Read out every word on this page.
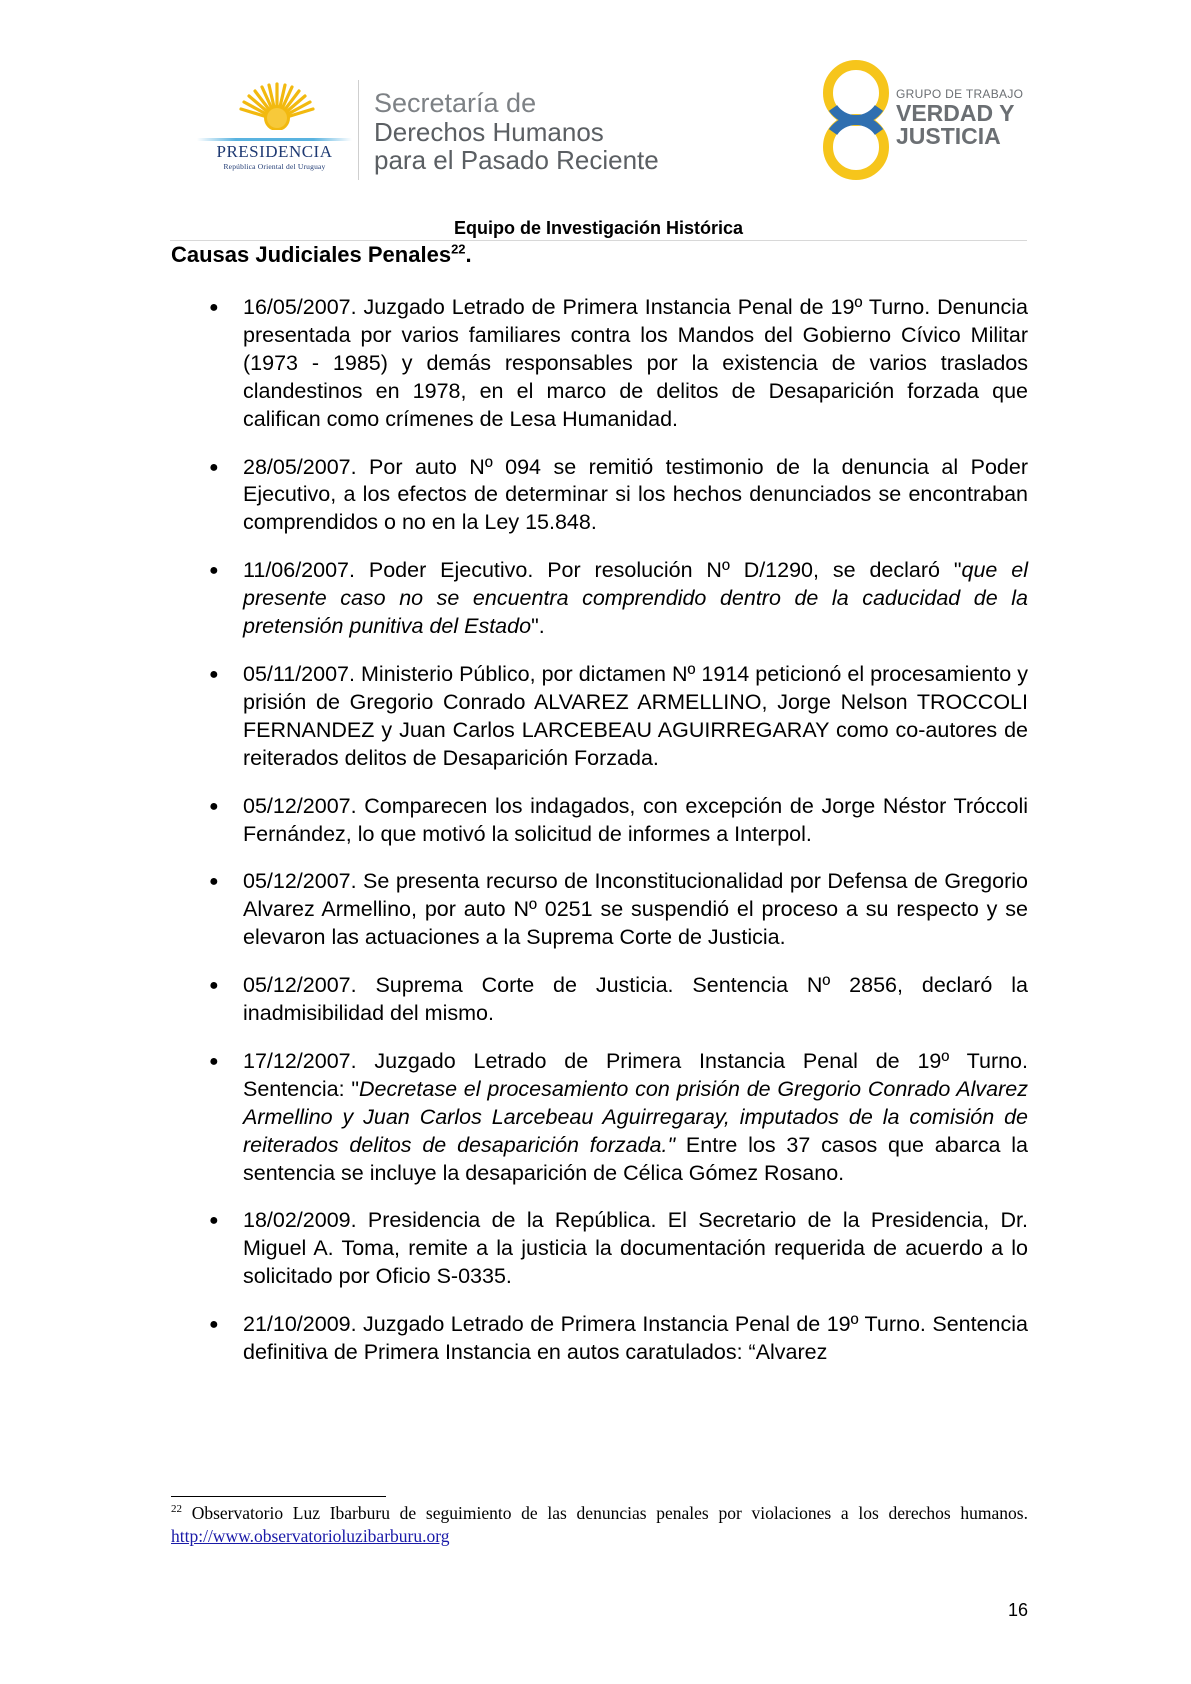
PRESIDENCIA
República Oriental del Uruguay
Secretaría de
Derechos Humanos
para el Pasado Reciente
GRUPO DE TRABAJO
VERDAD Y
JUSTICIA
Equipo de Investigación Histórica
Causas Judiciales Penales$^{22}$.
● 16/05/2007. Juzgado Letrado de Primera Instancia Penal de 19º Turno. Denuncia presentada por varios familiares contra los Mandos del Gobierno Cívico Militar (1973 - 1985) y demás responsables por la existencia de varios traslados clandestinos en 1978, en el marco de delitos de Desaparición forzada que califican como crímenes de Lesa Humanidad.
● 28/05/2007. Por auto Nº 094 se remitió testimonio de la denuncia al Poder Ejecutivo, a los efectos de determinar si los hechos denunciados se encontraban comprendidos o no en la Ley 15.848.
● 11/06/2007. Poder Ejecutivo. Por resolución Nº D/1290, se declaró "que el presente caso no se encuentra comprendido dentro de la caducidad de la pretensión punitiva del Estado".
● 05/11/2007. Ministerio Público, por dictamen Nº 1914 peticionó el procesamiento y prisión de Gregorio Conrado ALVAREZ ARMELLINO, Jorge Nelson TROCCOLI FERNANDEZ y Juan Carlos LARCEBEAU AGUIRREGARAY como co-autores de reiterados delitos de Desaparición Forzada.
● 05/12/2007. Comparecen los indagados, con excepción de Jorge Néstor Tróccoli Fernández, lo que motivó la solicitud de informes a Interpol.
● 05/12/2007. Se presenta recurso de Inconstitucionalidad por Defensa de Gregorio Alvarez Armellino, por auto Nº 0251 se suspendió el proceso a su respecto y se elevaron las actuaciones a la Suprema Corte de Justicia.
● 05/12/2007. Suprema Corte de Justicia. Sentencia Nº 2856, declaró la inadmisibilidad del mismo.
● 17/12/2007. Juzgado Letrado de Primera Instancia Penal de 19º Turno. Sentencia: "Decretase el procesamiento con prisión de Gregorio Conrado Alvarez Armellino y Juan Carlos Larcebeau Aguirregaray, imputados de la comisión de reiterados delitos de desaparición forzada." Entre los 37 casos que abarca la sentencia se incluye la desaparición de Célica Gómez Rosano.
● 18/02/2009. Presidencia de la República. El Secretario de la Presidencia, Dr. Miguel A. Toma, remite a la justicia la documentación requerida de acuerdo a lo solicitado por Oficio S-0335.
● 21/10/2009. Juzgado Letrado de Primera Instancia Penal de 19º Turno. Sentencia definitiva de Primera Instancia en autos caratulados: “Alvarez
$^{22}$ Observatorio Luz Ibarburu de seguimiento de las denuncias penales por violaciones a los derechos humanos. http://www.observatorioluzibarburu.org
16
